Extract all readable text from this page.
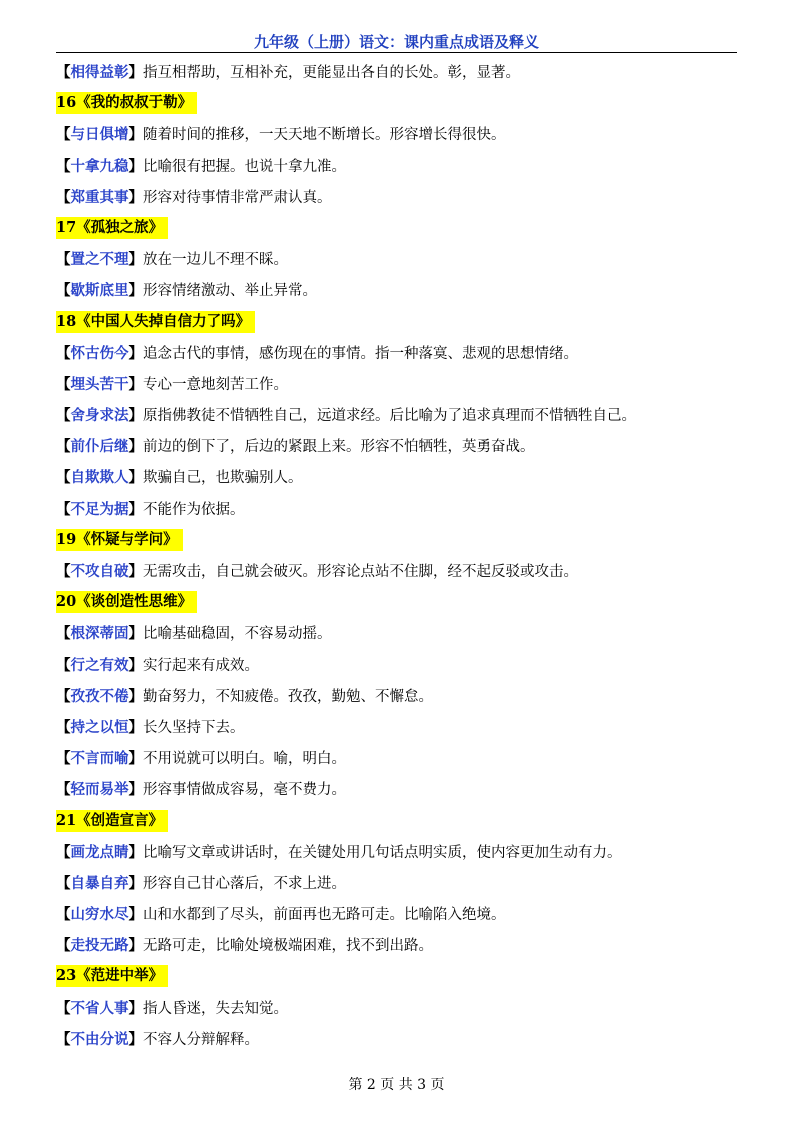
九年级（上册）语文：课内重点成语及释义
【相得益彰】指互相帮助，互相补充，更能显出各自的长处。彰，显著。
16《我的叔叔于勒》
【与日俱增】随着时间的推移，一天天地不断增长。形容增长得很快。
【十拿九稳】比喻很有把握。也说十拿九准。
【郑重其事】形容对待事情非常严肃认真。
17《孤独之旅》
【置之不理】放在一边儿不理不睬。
【歇斯底里】形容情绪激动、举止异常。
18《中国人失掉自信力了吗》
【怀古伤今】追念古代的事情，感伤现在的事情。指一种落寞、悲观的思想情绪。
【埋头苦干】专心一意地刻苦工作。
【舍身求法】原指佛教徒不惜牺牲自己，远道求经。后比喻为了追求真理而不惜牺牲自己。
【前仆后继】前边的倒下了，后边的紧跟上来。形容不怕牺牲，英勇奋战。
【自欺欺人】欺骗自己，也欺骗别人。
【不足为据】不能作为依据。
19《怀疑与学问》
【不攻自破】无需攻击，自己就会破灭。形容论点站不住脚，经不起反驳或攻击。
20《谈创造性思维》
【根深蒂固】比喻基础稳固，不容易动摇。
【行之有效】实行起来有成效。
【孜孜不倦】勤奋努力，不知疲倦。孜孜，勤勉、不懈怠。
【持之以恒】长久坚持下去。
【不言而喻】不用说就可以明白。喻，明白。
【轻而易举】形容事情做成容易，毫不费力。
21《创造宣言》
【画龙点睛】比喻写文章或讲话时，在关键处用几句话点明实质，使内容更加生动有力。
【自暴自弃】形容自己甘心落后，不求上进。
【山穷水尽】山和水都到了尽头，前面再也无路可走。比喻陷入绝境。
【走投无路】无路可走，比喻处境极端困难，找不到出路。
23《范进中举》
【不省人事】指人昏迷，失去知觉。
【不由分说】不容人分辩解释。
第 2 页 共 3 页
